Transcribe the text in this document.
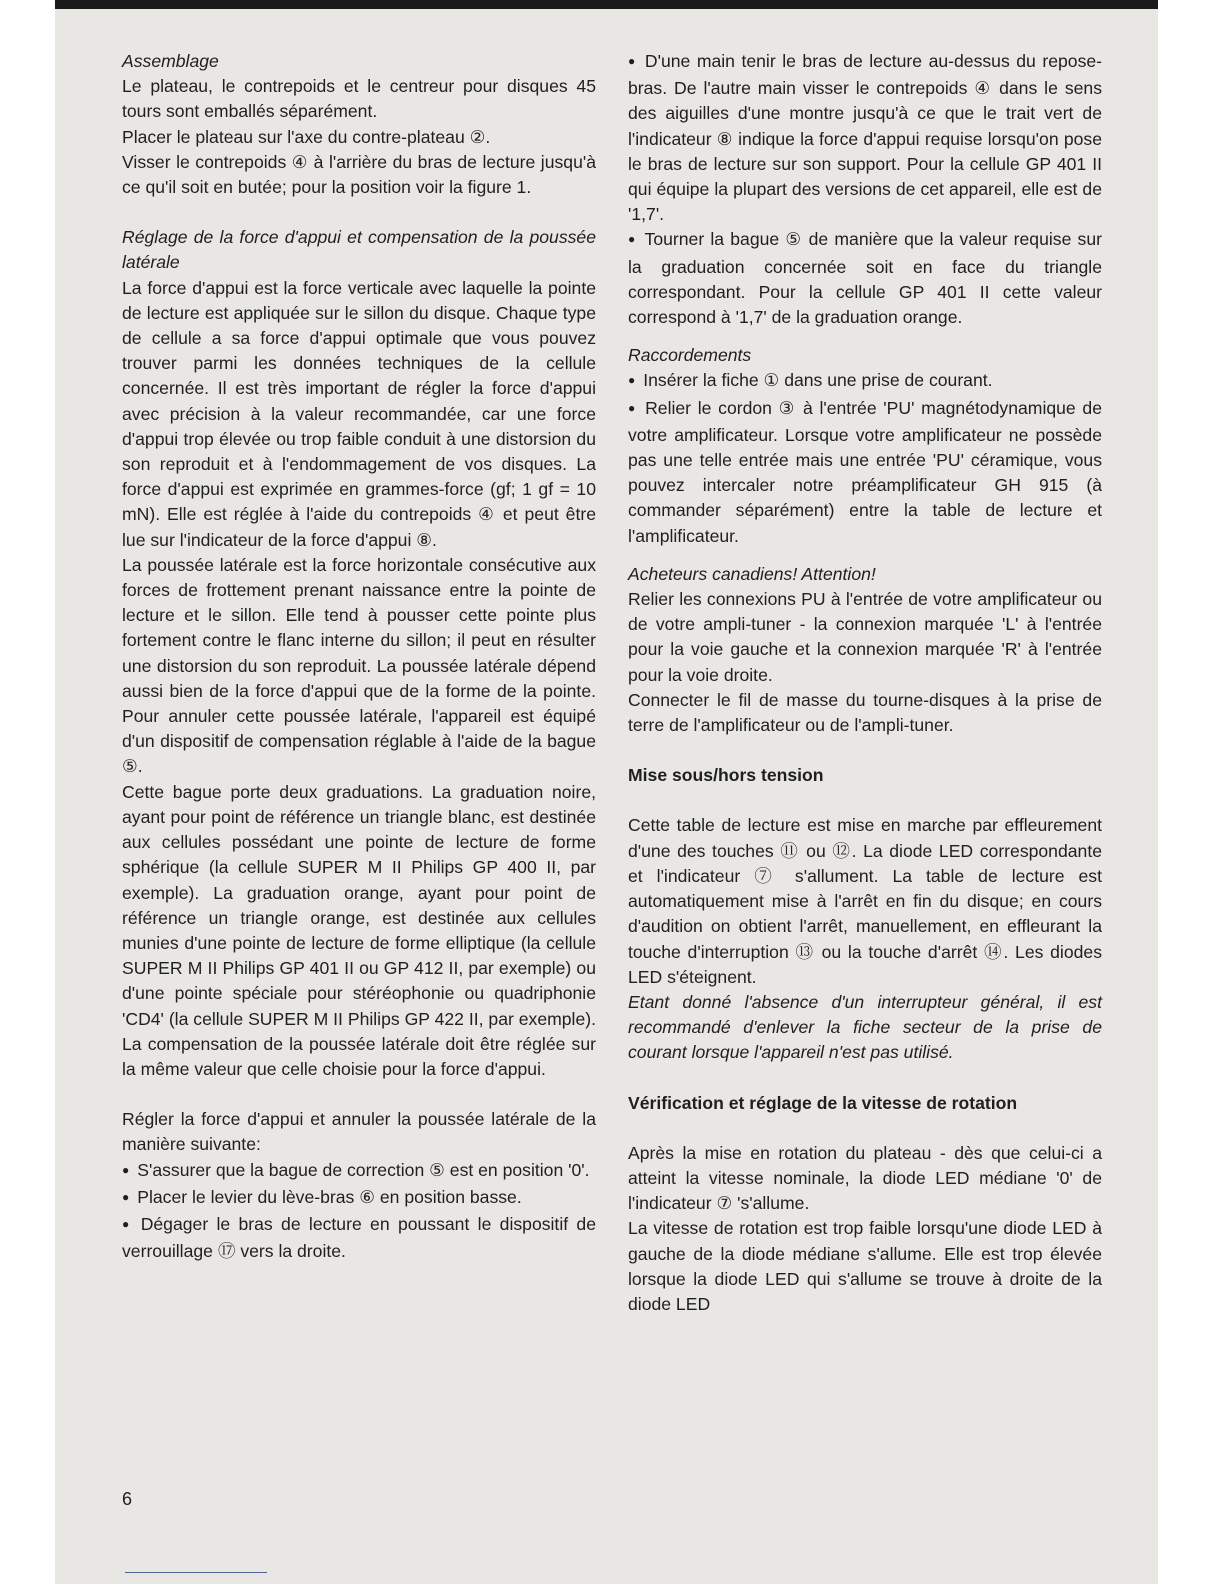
Assemblage

Le plateau, le contrepoids et le centreur pour disques 45 tours sont emballés séparément.

Placer le plateau sur l'axe du contre-plateau ②.

Visser le contrepoids ④ à l'arrière du bras de lecture jusqu'à ce qu'il soit en butée; pour la position voir la figure 1.

Réglage de la force d'appui et compensation de la poussée latérale

La force d'appui est la force verticale avec laquelle la pointe de lecture est appliquée sur le sillon du disque. Chaque type de cellule a sa force d'appui optimale que vous pouvez trouver parmi les données techniques de la cellule concernée. Il est très important de régler la force d'appui avec précision à la valeur recommandée, car une force d'appui trop élevée ou trop faible conduit à une distorsion du son reproduit et à l'endommagement de vos disques. La force d'appui est exprimée en grammes-force (gf; 1 gf = 10 mN). Elle est réglée à l'aide du contrepoids ④ et peut être lue sur l'indicateur de la force d'appui ⑧.

La poussée latérale est la force horizontale consécutive aux forces de frottement prenant naissance entre la pointe de lecture et le sillon. Elle tend à pousser cette pointe plus fortement contre le flanc interne du sillon; il peut en résulter une distorsion du son reproduit. La poussée latérale dépend aussi bien de la force d'appui que de la forme de la pointe. Pour annuler cette poussée latérale, l'appareil est équipé d'un dispositif de compensation réglable à l'aide de la bague ⑤.

Cette bague porte deux graduations. La graduation noire, ayant pour point de référence un triangle blanc, est destinée aux cellules possédant une pointe de lecture de forme sphérique (la cellule SUPER M II Philips GP 400 II, par exemple). La graduation orange, ayant pour point de référence un triangle orange, est destinée aux cellules munies d'une pointe de lecture de forme elliptique (la cellule SUPER M II Philips GP 401 II ou GP 412 II, par exemple) ou d'une pointe spéciale pour stéréophonie ou quadriphonie 'CD4' (la cellule SUPER M II Philips GP 422 II, par exemple). La compensation de la poussée latérale doit être réglée sur la même valeur que celle choisie pour la force d'appui.

Régler la force d'appui et annuler la poussée latérale de la manière suivante:

● S'assurer que la bague de correction ⑤ est en position '0'.

● Placer le levier du lève-bras ⑥ en position basse.

● Dégager le bras de lecture en poussant le dispositif de verrouillage ⑰ vers la droite.

● D'une main tenir le bras de lecture au-dessus du repose-bras. De l'autre main visser le contrepoids ④ dans le sens des aiguilles d'une montre jusqu'à ce que le trait vert de l'indicateur ⑧ indique la force d'appui requise lorsqu'on pose le bras de lecture sur son support. Pour la cellule GP 401 II qui équipe la plupart des versions de cet appareil, elle est de '1,7'.

● Tourner la bague ⑤ de manière que la valeur requise sur la graduation concernée soit en face du triangle correspondant. Pour la cellule GP 401 II cette valeur correspond à '1,7' de la graduation orange.

Raccordements

● Insérer la fiche ① dans une prise de courant.

● Relier le cordon ③ à l'entrée 'PU' magnétodynamique de votre amplificateur. Lorsque votre amplificateur ne possède pas une telle entrée mais une entrée 'PU' céramique, vous pouvez intercaler notre préamplificateur GH 915 (à commander séparément) entre la table de lecture et l'amplificateur.

Acheteurs canadiens! Attention!

Relier les connexions PU à l'entrée de votre amplificateur ou de votre ampli-tuner - la connexion marquée 'L' à l'entrée pour la voie gauche et la connexion marquée 'R' à l'entrée pour la voie droite.

Connecter le fil de masse du tourne-disques à la prise de terre de l'amplificateur ou de l'ampli-tuner.

Mise sous/hors tension

Cette table de lecture est mise en marche par effleurement d'une des touches ⑪ ou ⑫. La diode LED correspondante et l'indicateur ⑦ s'allument. La table de lecture est automatiquement mise à l'arrêt en fin du disque; en cours d'audition on obtient l'arrêt, manuellement, en effleurant la touche d'interruption ⑬ ou la touche d'arrêt ⑭. Les diodes LED s'éteignent.

Etant donné l'absence d'un interrupteur général, il est recommandé d'enlever la fiche secteur de la prise de courant lorsque l'appareil n'est pas utilisé.

Vérification et réglage de la vitesse de rotation

Après la mise en rotation du plateau - dès que celui-ci a atteint la vitesse nominale, la diode LED médiane '0' de l'indicateur ⑦ 's'allume.

La vitesse de rotation est trop faible lorsqu'une diode LED à gauche de la diode médiane s'allume. Elle est trop élevée lorsque la diode LED qui s'allume se trouve à droite de la diode LED

6
